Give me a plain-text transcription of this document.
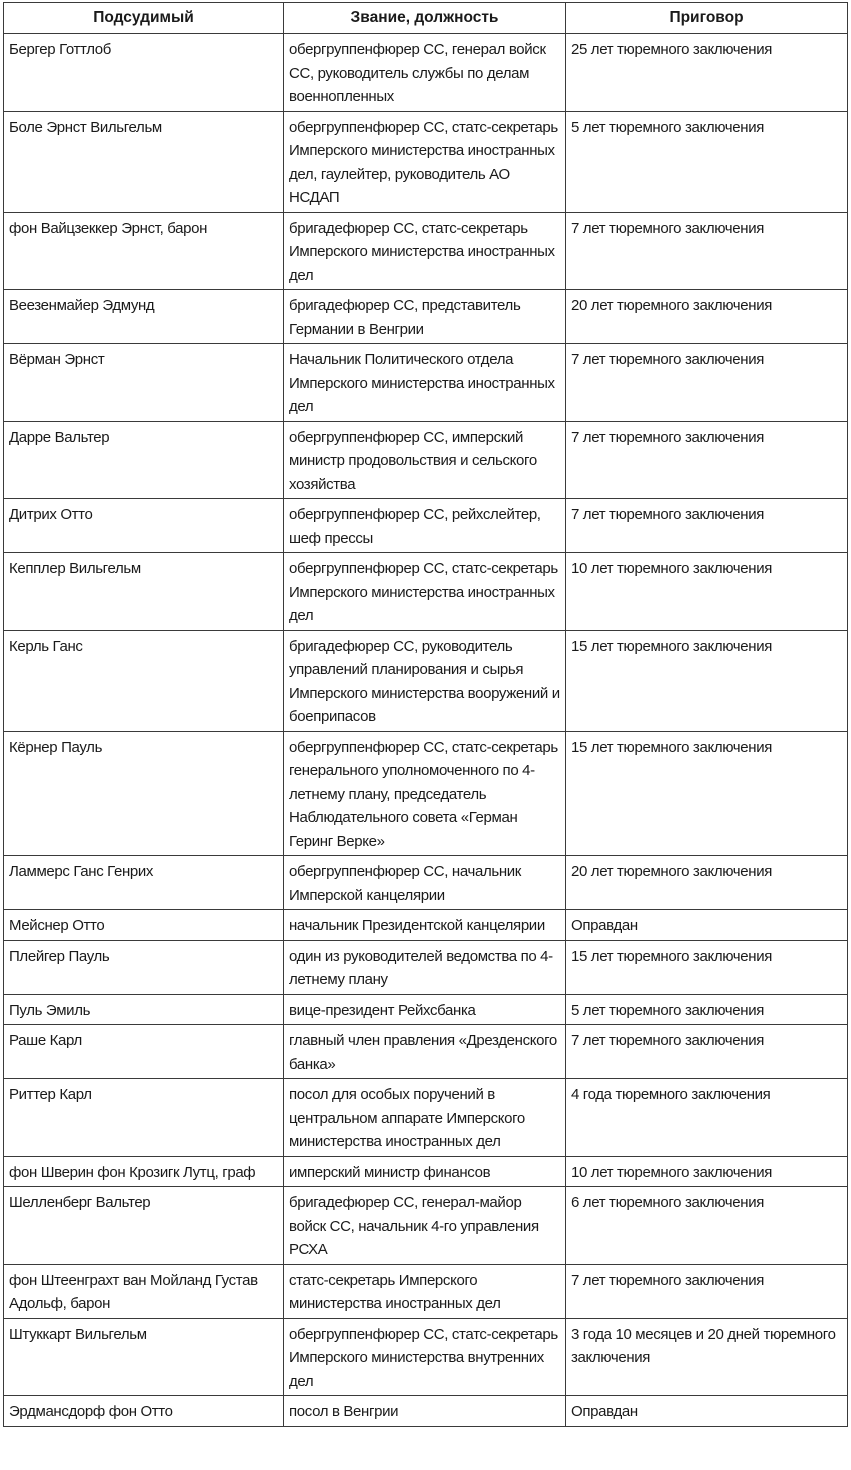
Подсудимый	Звание, должность	Приговор
Бергер Готтлоб	обергруппенфюрер СС, генерал войск СС, руководитель службы по делам военнопленных	25 лет тюремного заключения
Боле Эрнст Вильгельм	обергруппенфюрер СС, статс-секретарь Имперского министерства иностранных дел, гаулейтер, руководитель АО НСДАП	5 лет тюремного заключения
фон Вайцзеккер Эрнст, барон	бригадефюрер СС, статс-секретарь Имперского министерства иностранных дел	7 лет тюремного заключения
Веезенмайер Эдмунд	бригадефюрер СС, представитель Германии в Венгрии	20 лет тюремного заключения
Вёрман Эрнст	Начальник Политического отдела Имперского министерства иностранных дел	7 лет тюремного заключения
Дарре Вальтер	обергруппенфюрер СС, имперский министр продовольствия и сельского хозяйства	7 лет тюремного заключения
Дитрих Отто	обергруппенфюрер СС, рейхслейтер, шеф прессы	7 лет тюремного заключения
Кепплер Вильгельм	обергруппенфюрер СС, статс-секретарь Имперского министерства иностранных дел	10 лет тюремного заключения
Керль Ганс	бригадефюрер СС, руководитель управлений планирования и сырья Имперского министерства вооружений и боеприпасов	15 лет тюремного заключения
Кёрнер Пауль	обергруппенфюрер СС, статс-секретарь генерального уполномоченного по 4-летнему плану, председатель Наблюдательного совета «Герман Геринг Верке»	15 лет тюремного заключения
Ламмерс Ганс Генрих	обергруппенфюрер СС, начальник Имперской канцелярии	20 лет тюремного заключения
Мейснер Отто	начальник Президентской канцелярии	Оправдан
Плейгер Пауль	один из руководителей ведомства по 4-летнему плану	15 лет тюремного заключения
Пуль Эмиль	вице-президент Рейхсбанка	5 лет тюремного заключения
Раше Карл	главный член правления «Дрезденского банка»	7 лет тюремного заключения
Риттер Карл	посол для особых поручений в центральном аппарате Имперского министерства иностранных дел	4 года тюремного заключения
фон Шверин фон Крозигк Лутц, граф	имперский министр финансов	10 лет тюремного заключения
Шелленберг Вальтер	бригадефюрер СС, генерал-майор войск СС, начальник 4-го управления РСХА	6 лет тюремного заключения
фон Штеенграхт ван Мойланд Густав Адольф, барон	статс-секретарь Имперского министерства иностранных дел	7 лет тюремного заключения
Штуккарт Вильгельм	обергруппенфюрер СС, статс-секретарь Имперского министерства внутренних дел	3 года 10 месяцев и 20 дней тюремного заключения
Эрдмансдорф фон Отто	посол в Венгрии	Оправдан
